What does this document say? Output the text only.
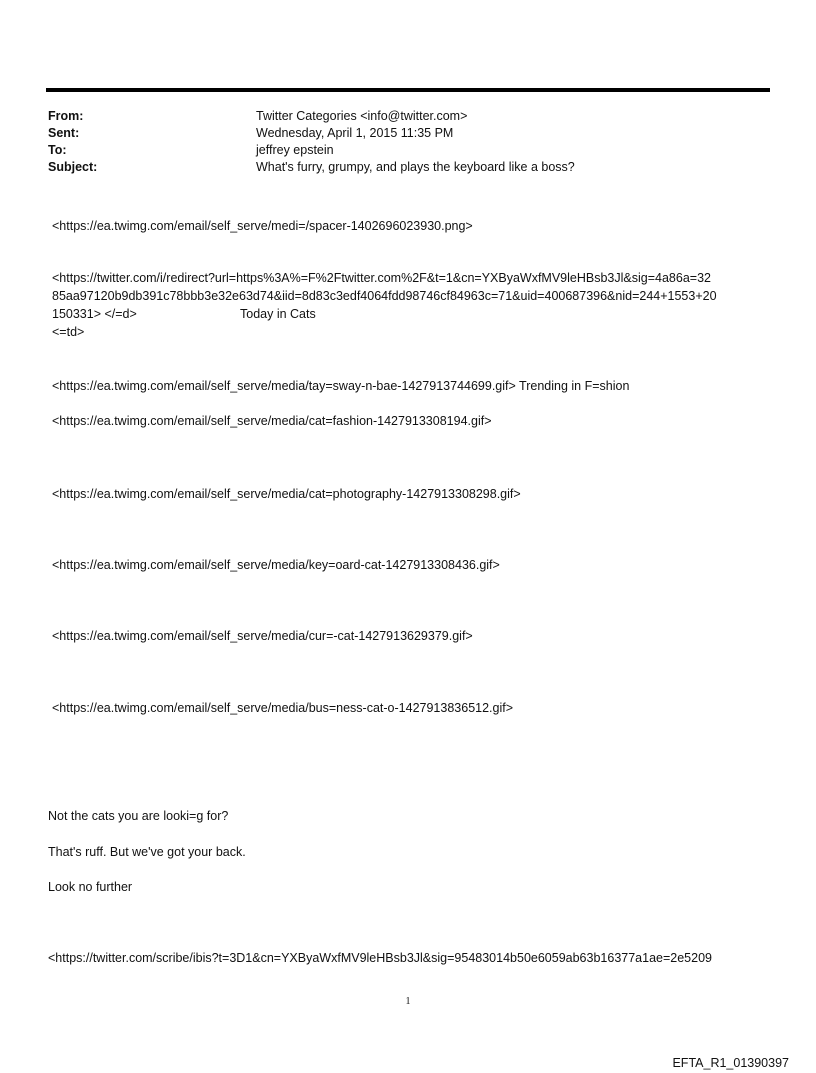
From:	Twitter Categories <info@twitter.com>
Sent:	Wednesday, April 1, 2015 11:35 PM
To:	jeffrey epstein
Subject:	What's furry, grumpy, and plays the keyboard like a boss?
<https://ea.twimg.com/email/self_serve/medi=/spacer-1402696023930.png>
<https://twitter.com/i/redirect?url=https%3A%=F%2Ftwitter.com%2F&t=1&cn=YXByaWxfMV9leHBsb3Jl&sig=4a86a=32
85aa97120b9db391c78bbb3e32e63d74&iid=8d83c3edf4064fdd98746cf84963c=71&uid=400687396&nid=244+1553+20
150331> </=d>	Today in Cats
<=td>
<https://ea.twimg.com/email/self_serve/media/tay=sway-n-bae-1427913744699.gif> Trending in F=shion
<https://ea.twimg.com/email/self_serve/media/cat=fashion-1427913308194.gif>
<https://ea.twimg.com/email/self_serve/media/cat=photography-1427913308298.gif>
<https://ea.twimg.com/email/self_serve/media/key=oard-cat-1427913308436.gif>
<https://ea.twimg.com/email/self_serve/media/cur=-cat-1427913629379.gif>
<https://ea.twimg.com/email/self_serve/media/bus=ness-cat-o-1427913836512.gif>
Not the cats you are looki=g for?
That's ruff. But we've got your back.
Look no further
<https://twitter.com/scribe/ibis?t=3D1&cn=YXByaWxfMV9leHBsb3Jl&sig=95483014b50e6059ab63b16377a1ae=2e5209
1
EFTA_R1_01390397
